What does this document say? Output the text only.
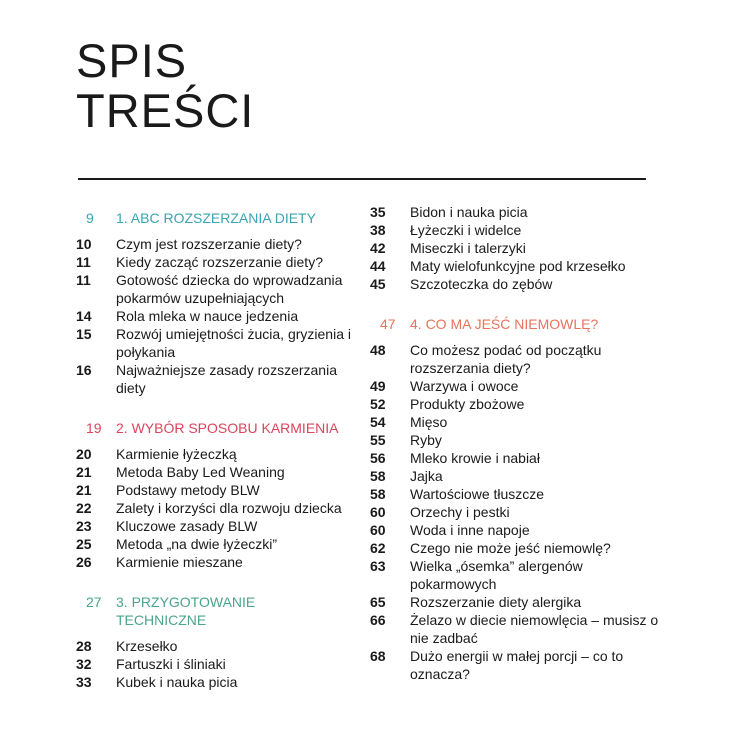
SPIS
TREŚCI
9	1. ABC ROZSZERZANIA DIETY
10	Czym jest rozszerzanie diety?
11	Kiedy zacząć rozszerzanie diety?
11	Gotowość dziecka do wprowadzania pokarmów uzupełniających
14	Rola mleka w nauce jedzenia
15	Rozwój umiejętności żucia, gryzienia i połykania
16	Najważniejsze zasady rozszerzania diety
19	2. WYBÓR SPOSOBU KARMIENIA
20	Karmienie łyżeczką
21	Metoda Baby Led Weaning
21	Podstawy metody BLW
22	Zalety i korzyści dla rozwoju dziecka
23	Kluczowe zasady BLW
25	Metoda „na dwie łyżeczki”
26	Karmienie mieszane
27	3. PRZYGOTOWANIE TECHNICZNE
28	Krzesełko
32	Fartuszki i śliniaki
33	Kubek i nauka picia
35	Bidon i nauka picia
38	Łyżeczki i widelce
42	Miseczki i talerzyki
44	Maty wielofunkcyjne pod krzesełko
45	Szczoteczka do zębów
47	4. CO MA JEŚĆ NIEMOWLĘ?
48	Co możesz podać od początku rozszerzania diety?
49	Warzywa i owoce
52	Produkty zbożowe
54	Mięso
55	Ryby
56	Mleko krowie i nabiał
58	Jajka
58	Wartościowe tłuszcze
60	Orzechy i pestki
60	Woda i inne napoje
62	Czego nie może jeść niemowlę?
63	Wielka „ósemka” alergenów pokarmowych
65	Rozszerzanie diety alergika
66	Żelazo w diecie niemowlęcia – musisz o nie zadbać
68	Dużo energii w małej porcji – co to oznacza?
